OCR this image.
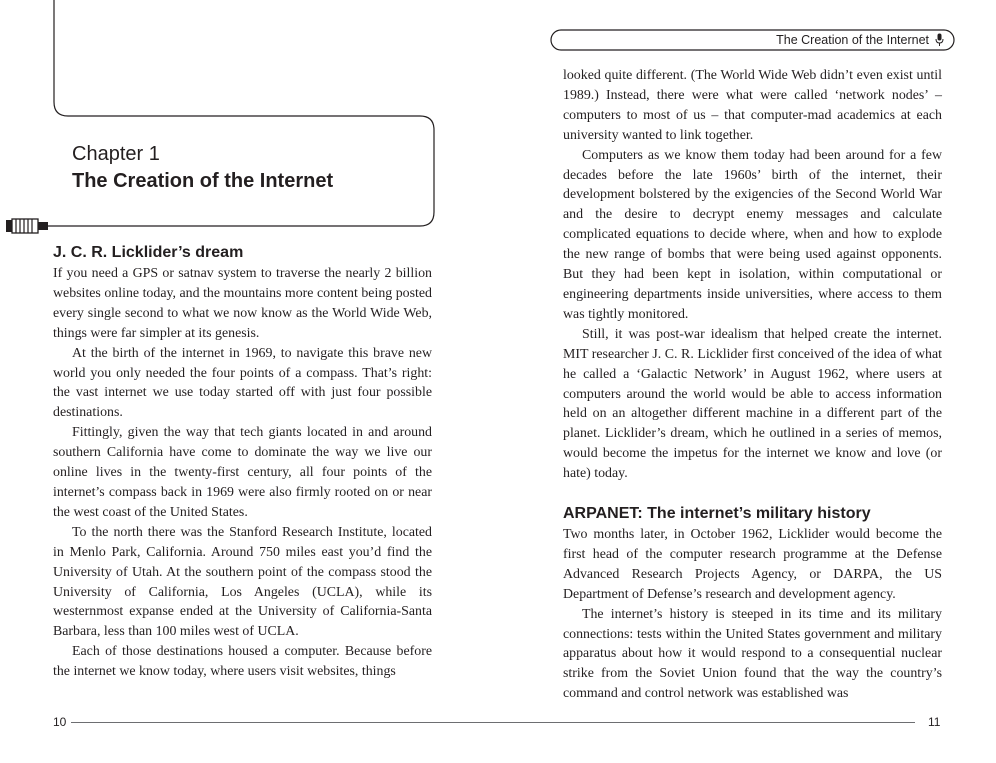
The Creation of the Internet

Chapter 1

The Creation of the Internet
J. C. R. Licklider’s dream

If you need a GPS or satnav system to traverse the nearly 2 billion websites online today, and the mountains more content being posted every single second to what we now know as the World Wide Web, things were far simpler at its genesis.

At the birth of the internet in 1969, to navigate this brave new world you only needed the four points of a compass. That’s right: the vast internet we use today started off with just four possible destinations.

Fittingly, given the way that tech giants located in and around southern California have come to dominate the way we live our online lives in the twenty-first century, all four points of the internet’s compass back in 1969 were also firmly rooted on or near the west coast of the United States.

To the north there was the Stanford Research Institute, located in Menlo Park, California. Around 750 miles east you’d find the University of Utah. At the southern point of the compass stood the University of California, Los Angeles (UCLA), while its westernmost expanse ended at the University of California-Santa Barbara, less than 100 miles west of UCLA.

Each of those destinations housed a computer. Because before the internet we know today, where users visit websites, things

looked quite different. (The World Wide Web didn’t even exist until 1989.) Instead, there were what were called ‘network nodes’ – computers to most of us – that computer-mad academics at each university wanted to link together.

Computers as we know them today had been around for a few decades before the late 1960s’ birth of the internet, their development bolstered by the exigencies of the Second World War and the desire to decrypt enemy messages and calculate complicated equations to decide where, when and how to explode the new range of bombs that were being used against opponents. But they had been kept in isolation, within computational or engineering departments inside universities, where access to them was tightly monitored.

Still, it was post-war idealism that helped create the internet. MIT researcher J. C. R. Licklider first conceived of the idea of what he called a ‘Galactic Network’ in August 1962, where users at computers around the world would be able to access information held on an altogether different machine in a different part of the planet. Licklider’s dream, which he outlined in a series of memos, would become the impetus for the internet we know and love (or hate) today.

ARPANET: The internet’s military history

Two months later, in October 1962, Licklider would become the first head of the computer research programme at the Defense Advanced Research Projects Agency, or DARPA, the US Department of Defense’s research and development agency.

The internet’s history is steeped in its time and its military connections: tests within the United States government and military apparatus about how it would respond to a consequential nuclear strike from the Soviet Union found that the way the country’s command and control network was established was

10	11
